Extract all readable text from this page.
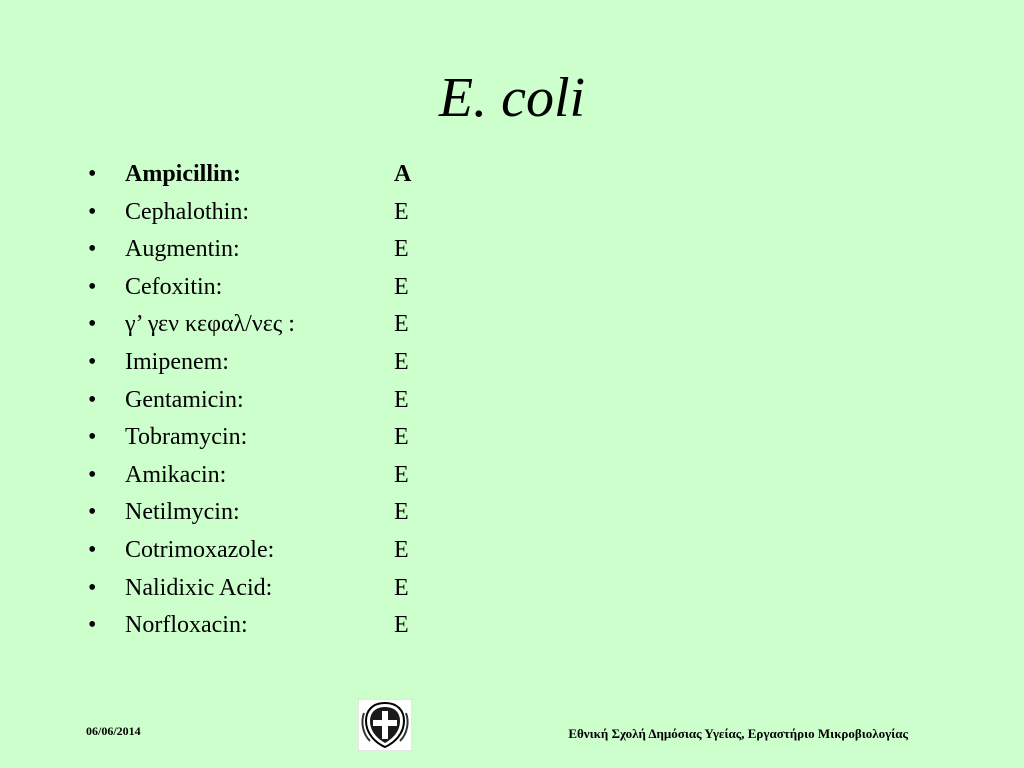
E. coli
•	Ampicillin:	A
•	Cephalothin:	E
•	Augmentin:	E
•	Cefoxitin:	E
•	γ’ γεν κεφαλ/νες :	E
•	Imipenem:	E
•	Gentamicin:	E
•	Tobramycin:	E
•	Amikacin:	E
•	Netilmycin:	E
•	Cotrimoxazole:	E
•	Nalidixic Acid:	E
•	Norfloxacin:	E
06/06/2014	Εθνική Σχολή Δημόσιας Υγείας, Εργαστήριο Μικροβιολογίας
